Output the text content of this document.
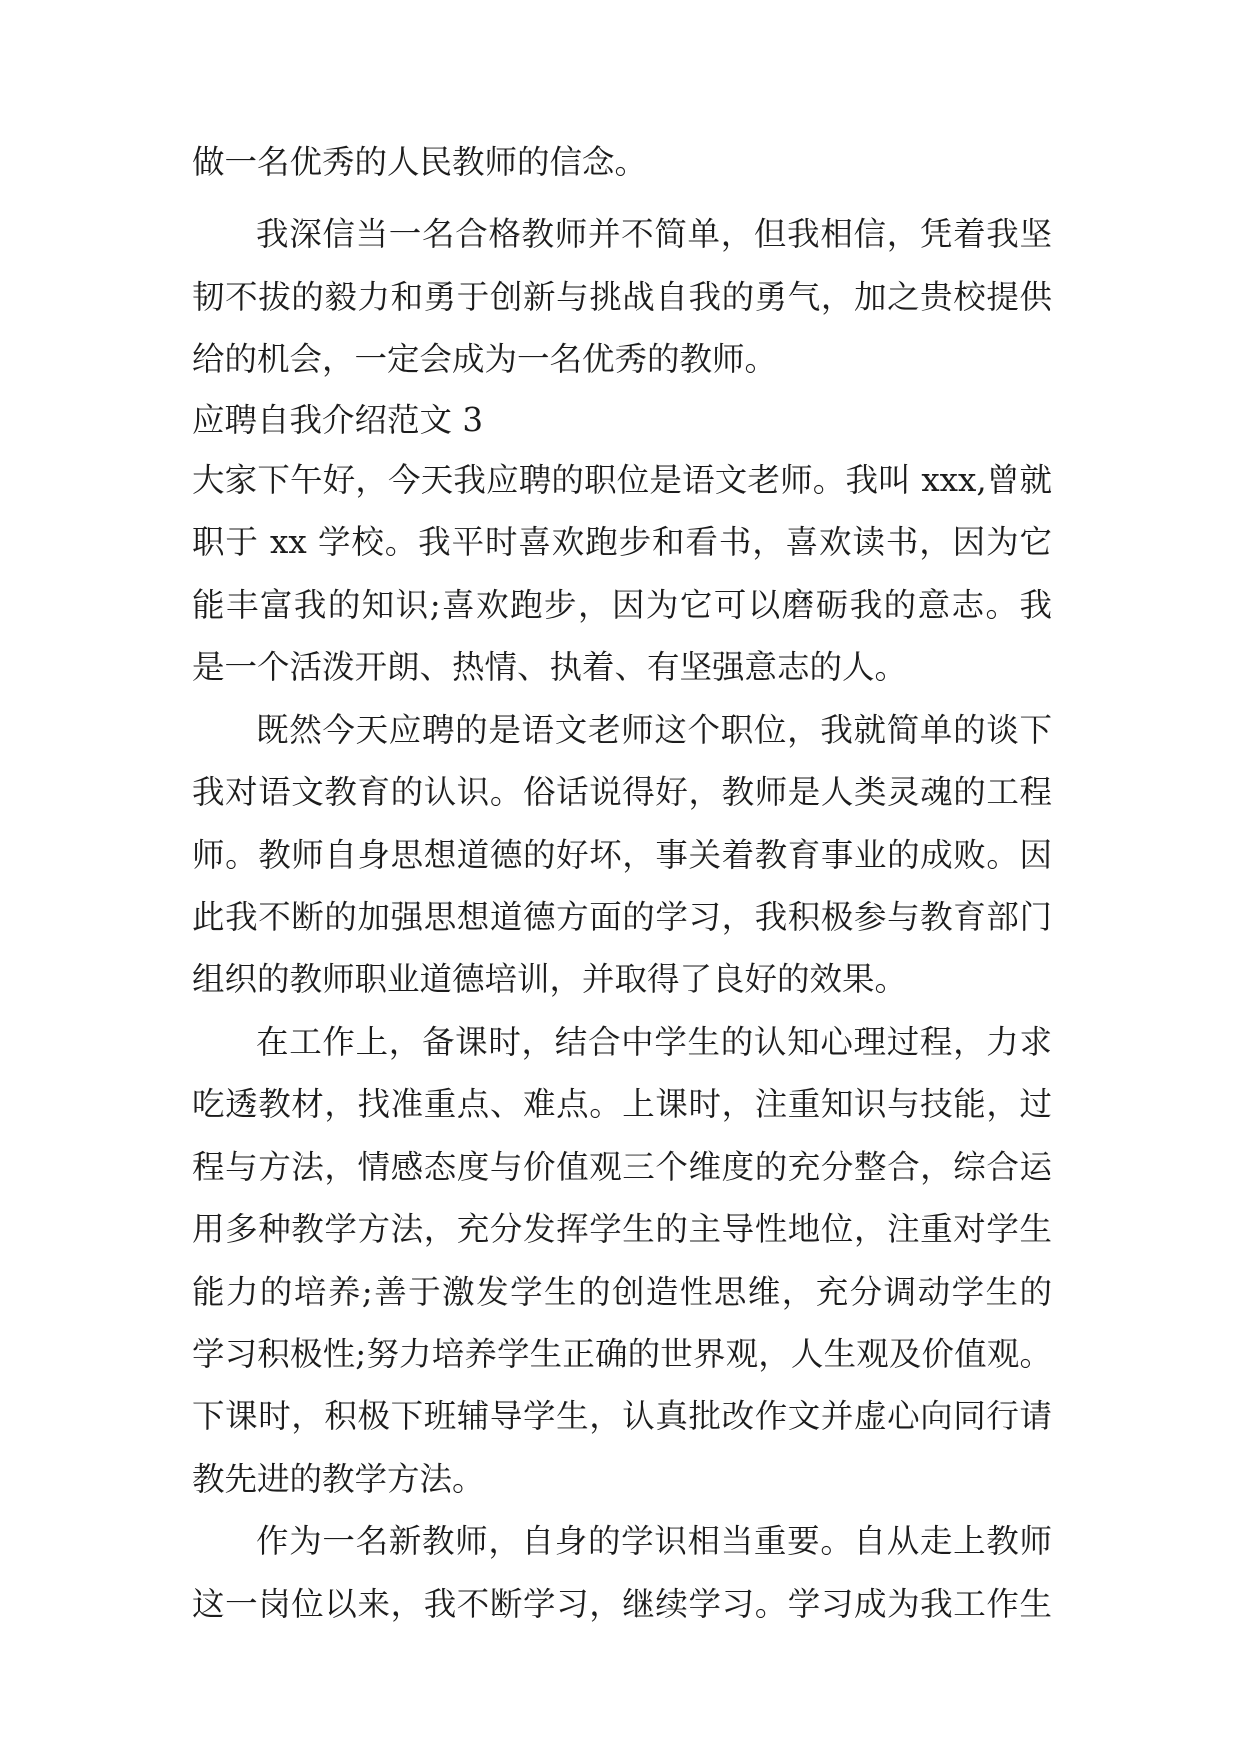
做一名优秀的人民教师的信念。
我深信当一名合格教师并不简单，但我相信，凭着我坚
韧不拔的毅力和勇于创新与挑战自我的勇气，加之贵校提供
给的机会，一定会成为一名优秀的教师。
应聘自我介绍范文 3
大家下午好，今天我应聘的职位是语文老师。我叫 xxx,曾就
职于 xx 学校。我平时喜欢跑步和看书，喜欢读书，因为它
能丰富我的知识;喜欢跑步，因为它可以磨砺我的意志。我
是一个活泼开朗、热情、执着、有坚强意志的人。
既然今天应聘的是语文老师这个职位，我就简单的谈下
我对语文教育的认识。俗话说得好，教师是人类灵魂的工程
师。教师自身思想道德的好坏，事关着教育事业的成败。因
此我不断的加强思想道德方面的学习，我积极参与教育部门
组织的教师职业道德培训，并取得了良好的效果。
在工作上，备课时，结合中学生的认知心理过程，力求
吃透教材，找准重点、难点。上课时，注重知识与技能，过
程与方法，情感态度与价值观三个维度的充分整合，综合运
用多种教学方法，充分发挥学生的主导性地位，注重对学生
能力的培养;善于激发学生的创造性思维，充分调动学生的
学习积极性;努力培养学生正确的世界观，人生观及价值观。
下课时，积极下班辅导学生，认真批改作文并虚心向同行请
教先进的教学方法。
作为一名新教师，自身的学识相当重要。自从走上教师
这一岗位以来，我不断学习，继续学习。学习成为我工作生
